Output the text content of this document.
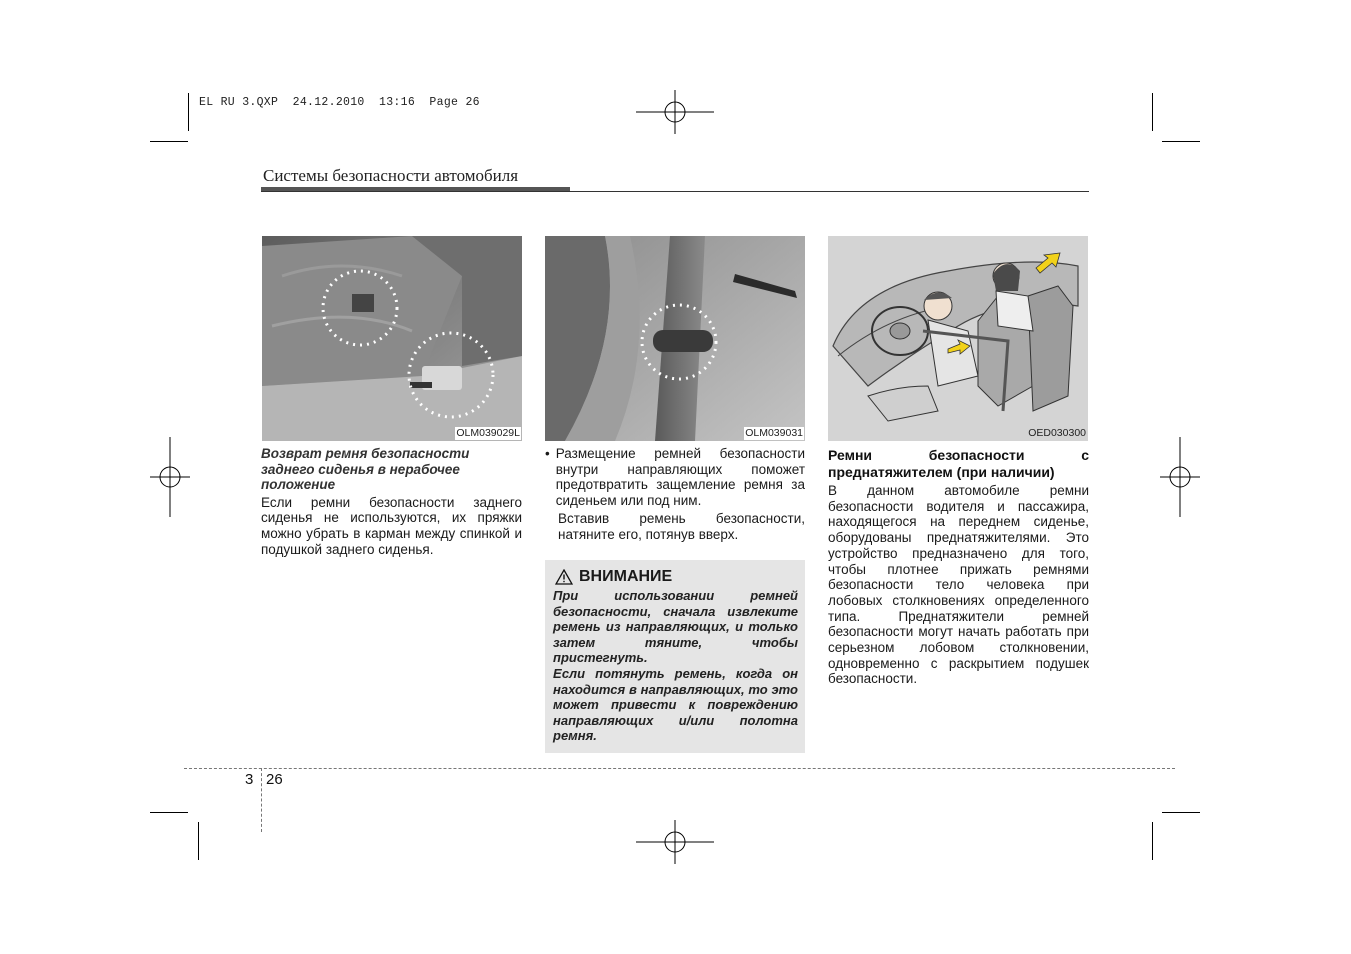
EL RU 3.QXP  24.12.2010  13:16  Page 26
Системы безопасности автомобиля
OLM039029L	OLM039031	OED030300
Возврат ремня безопасности заднего сиденья в нерабочее положение
Если ремни безопасности заднего сиденья не используются, их пряжки можно убрать в карман между спинкой и подушкой заднего сиденья.
• Размещение ремней безопасности внутри направляющих поможет предотвратить защемление ремня за сиденьем или под ним.
Вставив ремень безопасности, натяните его, потянув вверх.
ВНИМАНИЕ
При использовании ремней безопасности, сначала извлеките ремень из направляющих, и только затем тяните, чтобы пристегнуть.
Если потянуть ремень, когда он находится в направляющих, то это может привести к повреждению направляющих и/или полотна ремня.
Ремни безопасности с преднатяжителем (при наличии)
В данном автомобиле ремни безопасности водителя и пассажира, находящегося на переднем сиденье, оборудованы преднатяжителями. Это устройство предназначено для того, чтобы плотнее прижать ремнями безопасности тело человека при лобовых столкновениях определенного типа. Преднатяжители ремней безопасности могут начать работать при серьезном лобовом столкновении, одновременно с раскрытием подушек безопасности.
3 26
